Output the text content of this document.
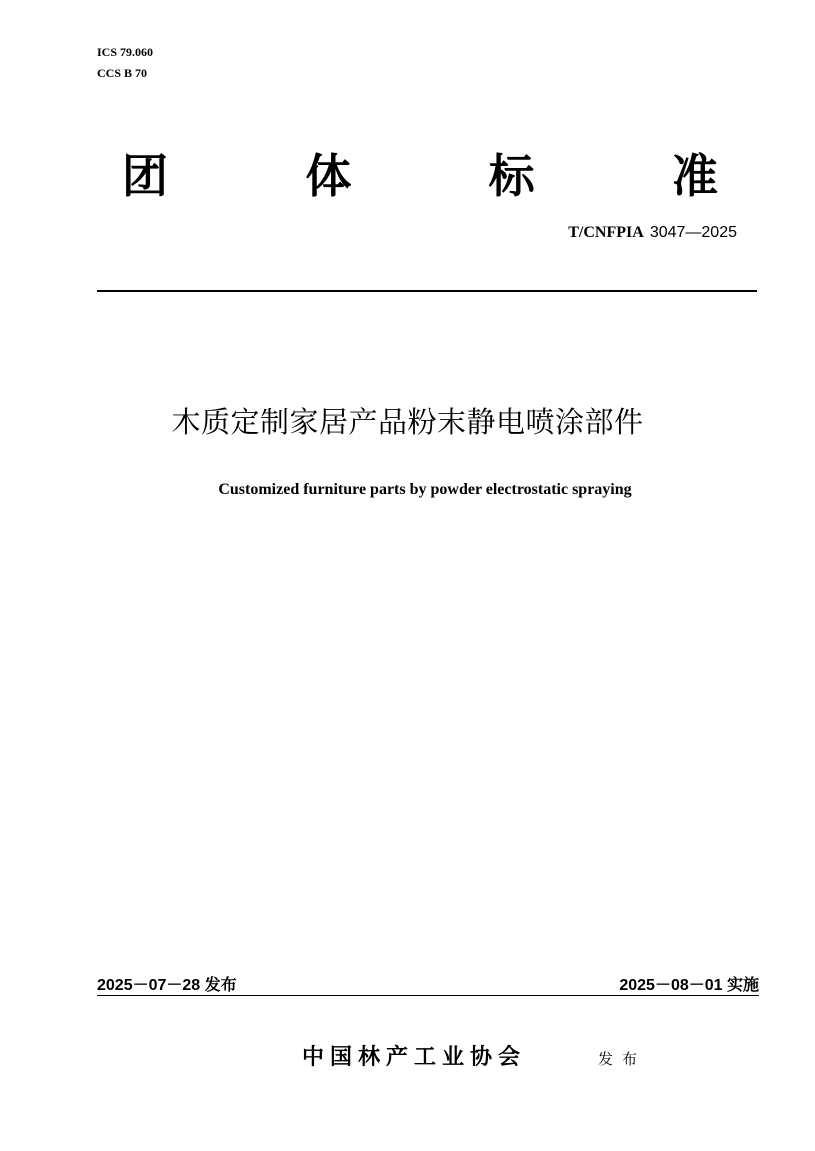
ICS 79.060
CCS B 70
团	体	标	准
T/CNFPIA 3047—2025
木质定制家居产品粉末静电喷涂部件
Customized furniture parts by powder electrostatic spraying
2025－07－28 发布	2025－08－01 实施
中国林产工业协会	发布
